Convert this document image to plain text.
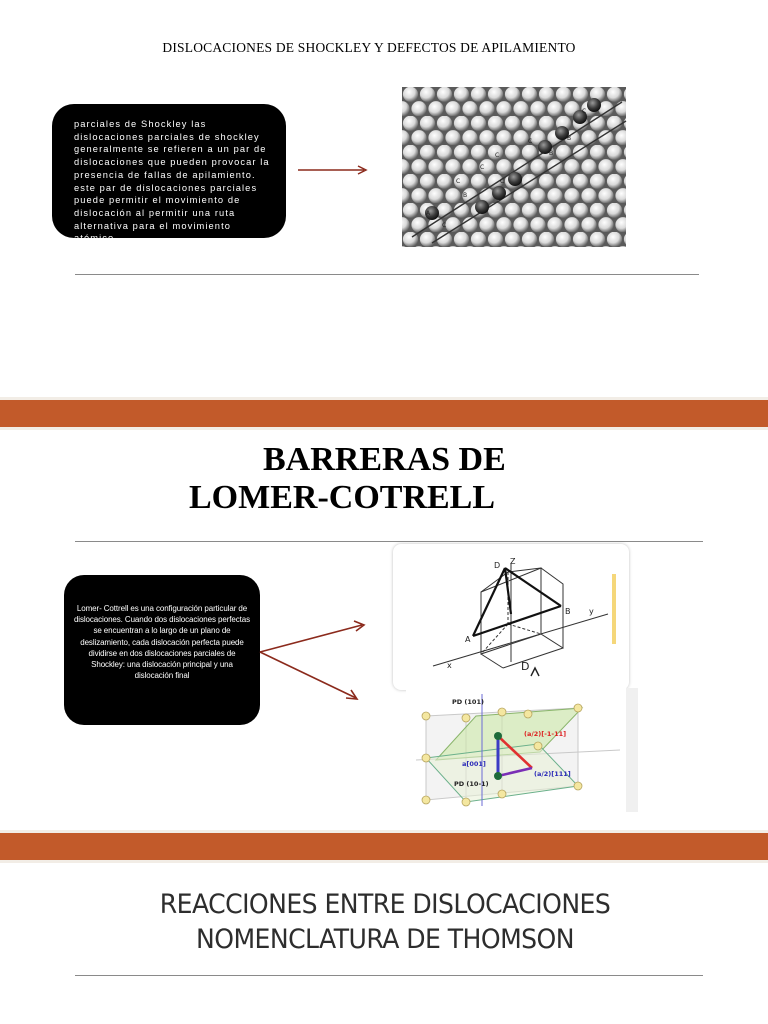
DISLOCACIONES DE SHOCKLEY Y DEFECTOS DE APILAMIENTO

parciales de Shockley las dislocaciones parciales de shockley generalmente se refieren a un par de dislocaciones que pueden provocar la presencia de fallas de apilamiento. este par de dislocaciones parciales puede permitir el movimiento de dislocación al permitir una ruta alternativa para el movimiento atómico.

C
C
C
C
C
B
B
B
A
C
C
BARRERAS DE
LOMER-COTRELL

Lomer- Cottrell es una configuración particular de dislocaciones. Cuando dos dislocaciones perfectas se encuentran a lo largo de un plano de deslizamiento, cada dislocación perfecta puede dividirse en dos dislocaciones parciales de Shockley: una dislocación principal y una dislocación final

D Z
B y
A
x	D
PD (101)
(a/2)[-1-11]
a[001]
(a/2)[111]
PD (10-1)
REACCIONES ENTRE DISLOCACIONES
NOMENCLATURA DE THOMSON
